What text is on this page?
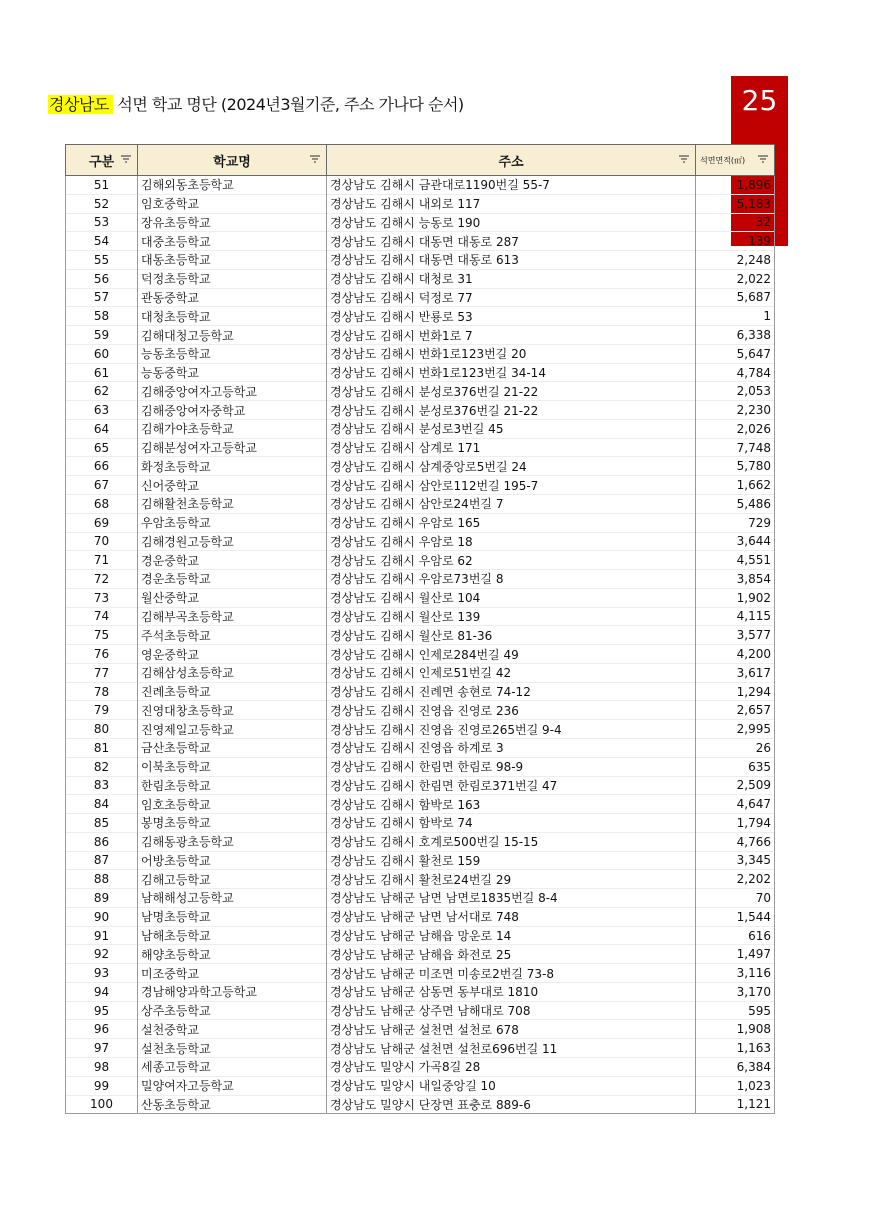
경상남도 석면 학교 명단 (2024년3월기준, 주소 가나다 순서)	25
구분	학교명	주소	석면면적(㎡)

51	김해외동초등학교	경상남도 김해시 금관대로1190번길 55-7	1,896
52	임호중학교	경상남도 김해시 내외로 117	5,183
53	장유초등학교	경상남도 김해시 능동로 190	32
54	대중초등학교	경상남도 김해시 대동면 대동로 287	139
55	대동초등학교	경상남도 김해시 대동면 대동로 613	2,248
56	덕정초등학교	경상남도 김해시 대청로 31	2,022
57	관동중학교	경상남도 김해시 덕정로 77	5,687
58	대청초등학교	경상남도 김해시 반룡로 53	1
59	김해대청고등학교	경상남도 김해시 번화1로 7	6,338
60	능동초등학교	경상남도 김해시 번화1로123번길 20	5,647
61	능동중학교	경상남도 김해시 번화1로123번길 34-14	4,784
62	김해중앙여자고등학교	경상남도 김해시 분성로376번길 21-22	2,053
63	김해중앙여자중학교	경상남도 김해시 분성로376번길 21-22	2,230
64	김해가야초등학교	경상남도 김해시 분성로3번길 45	2,026
65	김해분성여자고등학교	경상남도 김해시 삼계로 171	7,748
66	화정초등학교	경상남도 김해시 삼계중앙로5번길 24	5,780
67	신어중학교	경상남도 김해시 삼안로112번길 195-7	1,662
68	김해활천초등학교	경상남도 김해시 삼안로24번길 7	5,486
69	우암초등학교	경상남도 김해시 우암로 165	729
70	김해경원고등학교	경상남도 김해시 우암로 18	3,644
71	경운중학교	경상남도 김해시 우암로 62	4,551
72	경운초등학교	경상남도 김해시 우암로73번길 8	3,854
73	월산중학교	경상남도 김해시 월산로 104	1,902
74	김해부곡초등학교	경상남도 김해시 월산로 139	4,115
75	주석초등학교	경상남도 김해시 월산로 81-36	3,577
76	영운중학교	경상남도 김해시 인제로284번길 49	4,200
77	김해삼성초등학교	경상남도 김해시 인제로51번길 42	3,617
78	진례초등학교	경상남도 김해시 진례면 송현로 74-12	1,294
79	진영대창초등학교	경상남도 김해시 진영읍 진영로 236	2,657
80	진영제일고등학교	경상남도 김해시 진영읍 진영로265번길 9-4	2,995
81	금산초등학교	경상남도 김해시 진영읍 하계로 3	26
82	이북초등학교	경상남도 김해시 한림면 한림로 98-9	635
83	한림초등학교	경상남도 김해시 한림면 한림로371번길 47	2,509
84	임호초등학교	경상남도 김해시 함박로 163	4,647
85	봉명초등학교	경상남도 김해시 함박로 74	1,794
86	김해동광초등학교	경상남도 김해시 호계로500번길 15-15	4,766
87	어방초등학교	경상남도 김해시 활천로 159	3,345
88	김해고등학교	경상남도 김해시 활천로24번길 29	2,202
89	남해해성고등학교	경상남도 남해군 남면 남면로1835번길 8-4	70
90	남명초등학교	경상남도 남해군 남면 남서대로 748	1,544
91	남해초등학교	경상남도 남해군 남해읍 망운로 14	616
92	해양초등학교	경상남도 남해군 남해읍 화전로 25	1,497
93	미조중학교	경상남도 남해군 미조면 미송로2번길 73-8	3,116
94	경남해양과학고등학교	경상남도 남해군 삼동면 동부대로 1810	3,170
95	상주초등학교	경상남도 남해군 상주면 남해대로 708	595
96	설천중학교	경상남도 남해군 설천면 설천로 678	1,908
97	설천초등학교	경상남도 남해군 설천면 설천로696번길 11	1,163
98	세종고등학교	경상남도 밀양시 가곡8길 28	6,384
99	밀양여자고등학교	경상남도 밀양시 내일중앙길 10	1,023
100	산동초등학교	경상남도 밀양시 단장면 표충로 889-6	1,121
